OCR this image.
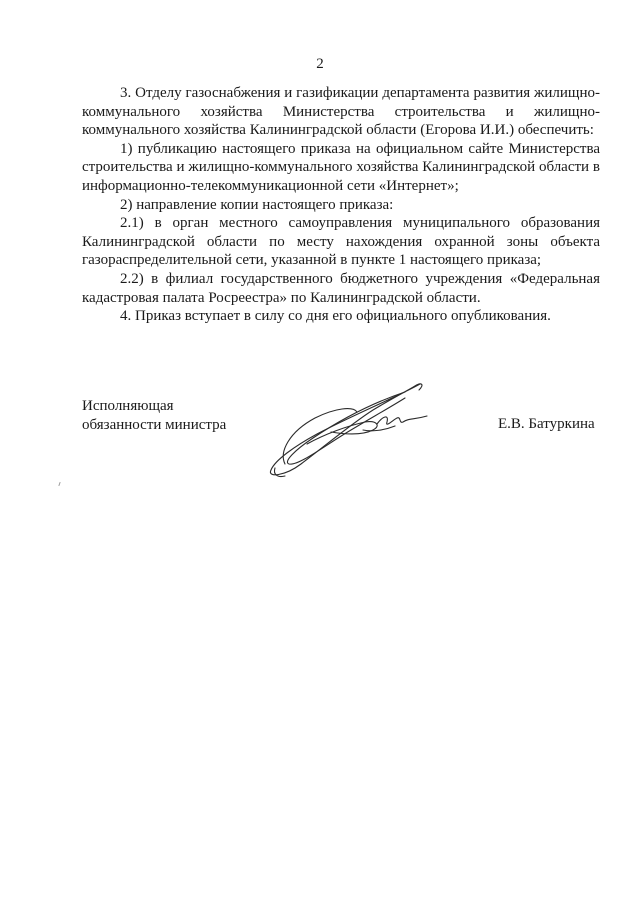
2

3. Отделу газоснабжения и газификации департамента развития жилищно-коммунального хозяйства Министерства строительства и жилищно-коммунального хозяйства Калининградской области (Егорова И.И.) обеспечить:

1) публикацию настоящего приказа на официальном сайте Министерства строительства и жилищно-коммунального хозяйства Калининградской области в информационно-телекоммуникационной сети «Интернет»;

2) направление копии настоящего приказа:

2.1) в орган местного самоуправления муниципального образования Калининградской области по месту нахождения охранной зоны объекта газораспределительной сети, указанной в пункте 1 настоящего приказа;

2.2) в филиал государственного бюджетного учреждения «Федеральная кадастровая палата Росреестра» по Калининградской области.

4. Приказ вступает в силу со дня его официального опубликования.

Исполняющая
обязанности министра	Е.В. Батуркина
